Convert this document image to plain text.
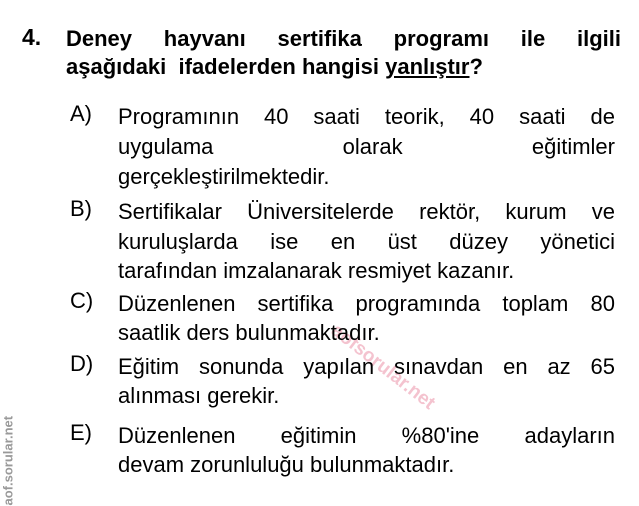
4. Deney hayvanı sertifika programı ile ilgili
aşağıdaki  ifadelerden hangisi yanlıştır?
aofsorular.net
aof.sorular.net
A) Programının 40 saati teorik, 40 saati de
uygulama olarak eğitimler
gerçekleştirilmektedir.
B) Sertifikalar Üniversitelerde rektör, kurum ve
kuruluşlarda ise en üst düzey yönetici
tarafından imzalanarak resmiyet kazanır.
C) Düzenlenen sertifika programında toplam 80
saatlik ders bulunmaktadır.
D) Eğitim sonunda yapılan sınavdan en az 65
alınması gerekir.
E) Düzenlenen eğitimin %80'ine adayların
devam zorunluluğu bulunmaktadır.
